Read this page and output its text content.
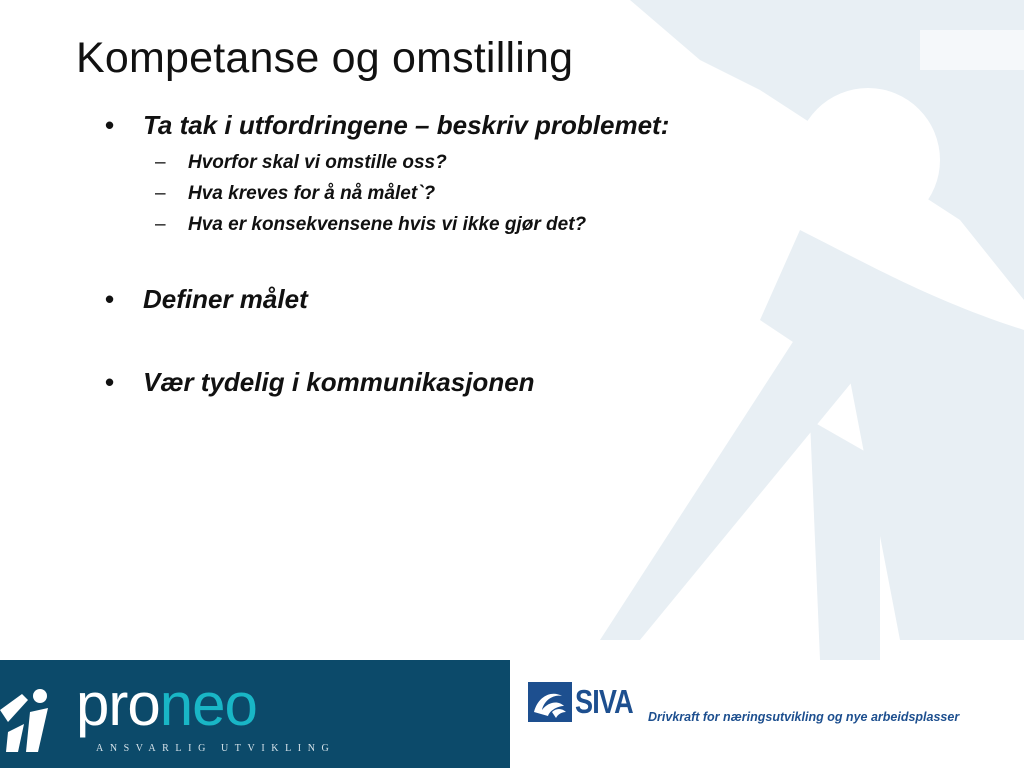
Kompetanse og omstilling
• Ta tak i utfordringene – beskriv problemet:
– Hvorfor skal vi omstille oss?
– Hva kreves for å nå målet`?
– Hva er konsekvensene hvis vi ikke gjør det?
• Definer målet
• Vær tydelig i kommunikasjonen
proneo
ANSVARLIG UTVIKLING
SIVA Drivkraft for næringsutvikling og nye arbeidsplasser
